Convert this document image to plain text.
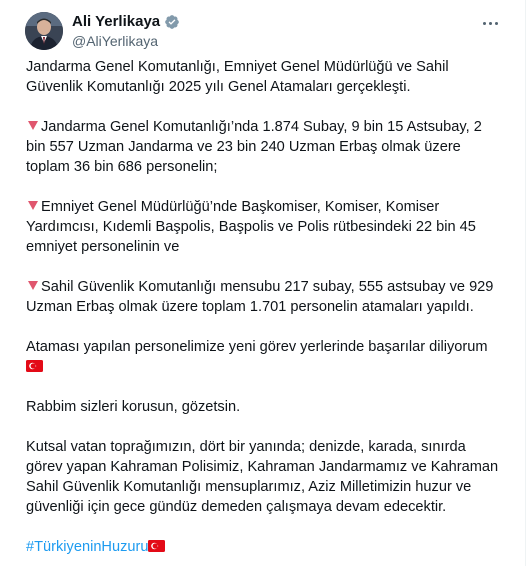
Ali Yerlikaya
@AliYerlikaya

Jandarma Genel Komutanlığı, Emniyet Genel Müdürlüğü ve Sahil Güvenlik Komutanlığı 2025 yılı Genel Atamaları gerçekleşti.

Jandarma Genel Komutanlığı’nda 1.874 Subay, 9 bin 15 Astsubay, 2 bin 557 Uzman Jandarma ve 23 bin 240 Uzman Erbaş olmak üzere toplam 36 bin 686 personelin;

Emniyet Genel Müdürlüğü’nde Başkomiser, Komiser, Komiser Yardımcısı, Kıdemli Başpolis, Başpolis ve Polis rütbesindeki 22 bin 45 emniyet personelinin ve

Sahil Güvenlik Komutanlığı mensubu 217 subay, 555 astsubay ve 929 Uzman Erbaş olmak üzere toplam 1.701 personelin atamaları yapıldı.

Ataması yapılan personelimize yeni görev yerlerinde başarılar diliyorum

Rabbim sizleri korusun, gözetsin.

Kutsal vatan toprağımızın, dört bir yanında; denizde, karada, sınırda görev yapan Kahraman Polisimiz, Kahraman Jandarmamız ve Kahraman Sahil Güvenlik Komutanlığı mensuplarımız, Aziz Milletimizin huzur ve güvenliği için gece gündüz demeden çalışmaya devam edecektir.

#TürkiyeninHuzuru
